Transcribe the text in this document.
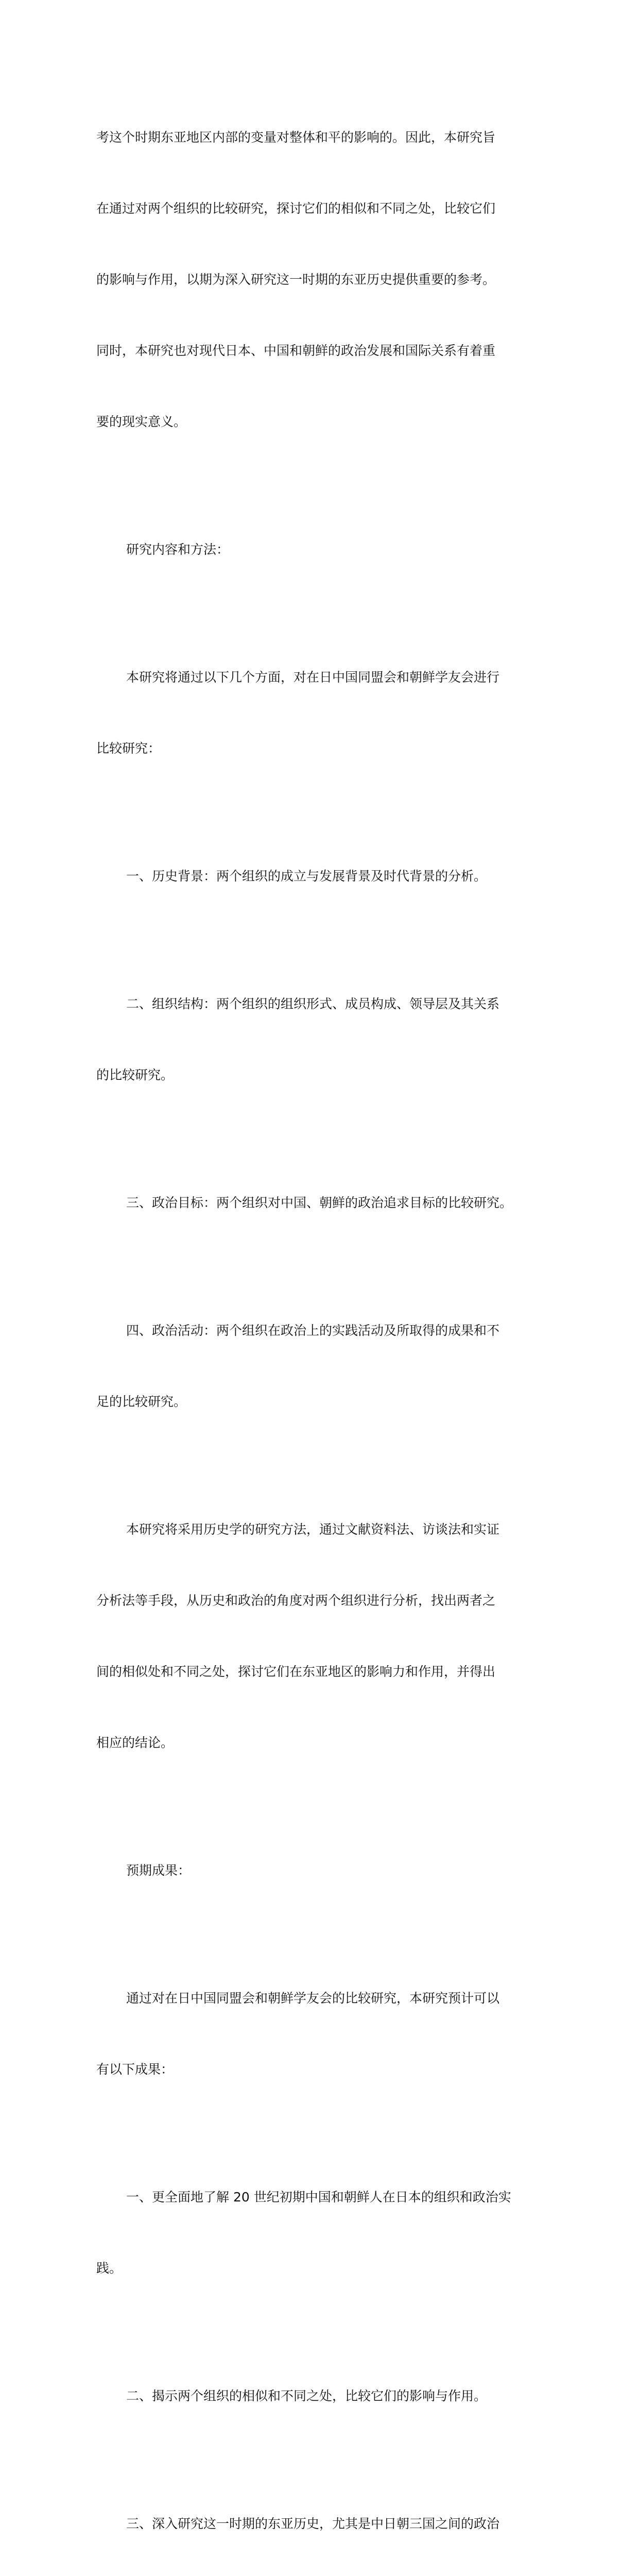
考这个时期东亚地区内部的变量对整体和平的影响的。因此，本研究旨

在通过对两个组织的比较研究，探讨它们的相似和不同之处，比较它们

的影响与作用，以期为深入研究这一时期的东亚历史提供重要的参考。

同时，本研究也对现代日本、中国和朝鲜的政治发展和国际关系有着重

要的现实意义。

研究内容和方法：

本研究将通过以下几个方面，对在日中国同盟会和朝鲜学友会进行

比较研究：

一、历史背景：两个组织的成立与发展背景及时代背景的分析。

二、组织结构：两个组织的组织形式、成员构成、领导层及其关系

的比较研究。

三、政治目标：两个组织对中国、朝鲜的政治追求目标的比较研究。

四、政治活动：两个组织在政治上的实践活动及所取得的成果和不

足的比较研究。

本研究将采用历史学的研究方法，通过文献资料法、访谈法和实证

分析法等手段，从历史和政治的角度对两个组织进行分析，找出两者之

间的相似处和不同之处，探讨它们在东亚地区的影响力和作用，并得出

相应的结论。

预期成果：

通过对在日中国同盟会和朝鲜学友会的比较研究，本研究预计可以

有以下成果：

一、更全面地了解 20 世纪初期中国和朝鲜人在日本的组织和政治实

践。

二、揭示两个组织的相似和不同之处，比较它们的影响与作用。

三、深入研究这一时期的东亚历史，尤其是中日朝三国之间的政治
